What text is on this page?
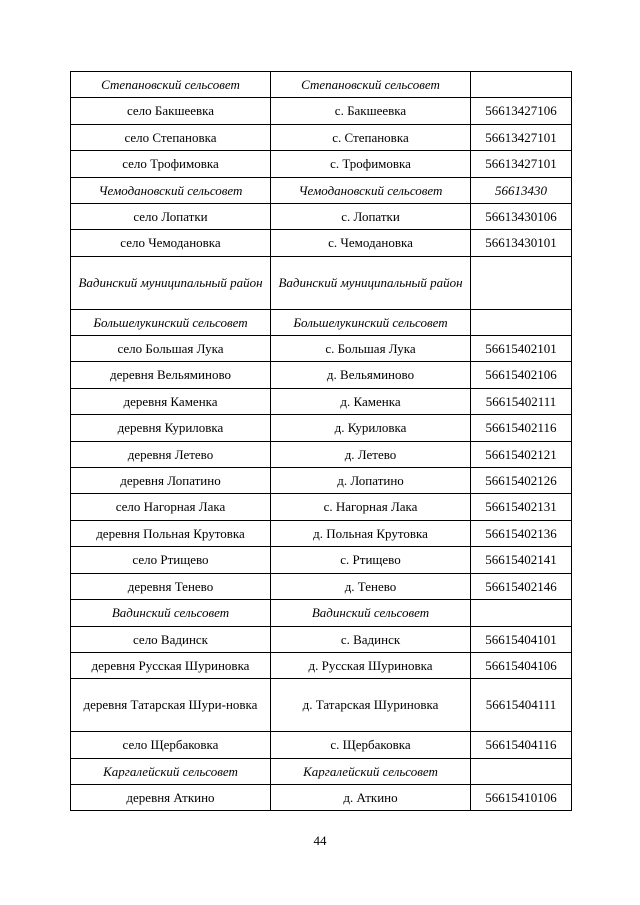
Степановский сельсовет	Степановский сельсовет	
село Бакшеевка	с. Бакшеевка	56613427106
село Степановка	с. Степановка	56613427101
село Трофимовка	с. Трофимовка	56613427101
Чемодановский сельсовет	Чемодановский сельсовет	56613430
село Лопатки	с. Лопатки	56613430106
село Чемодановка	с. Чемодановка	56613430101
Вадинский муниципальный район	Вадинский муниципальный район	
Большелукинский сельсовет	Большелукинский сельсовет	
село Большая Лука	с. Большая Лука	56615402101
деревня Вельяминово	д. Вельяминово	56615402106
деревня Каменка	д. Каменка	56615402111
деревня Куриловка	д. Куриловка	56615402116
деревня Летево	д. Летево	56615402121
деревня Лопатино	д. Лопатино	56615402126
село Нагорная Лака	с. Нагорная Лака	56615402131
деревня Польная Крутовка	д. Польная Крутовка	56615402136
село Ртищево	с. Ртищево	56615402141
деревня Тенево	д. Тенево	56615402146
Вадинский сельсовет	Вадинский сельсовет	
село Вадинск	с. Вадинск	56615404101
деревня Русская Шуриновка	д. Русская Шуриновка	56615404106
деревня Татарская Шури-новка	д. Татарская Шуриновка	56615404111
село Щербаковка	с. Щербаковка	56615404116
Каргалейский сельсовет	Каргалейский сельсовет	
деревня Аткино	д. Аткино	56615410106
44
